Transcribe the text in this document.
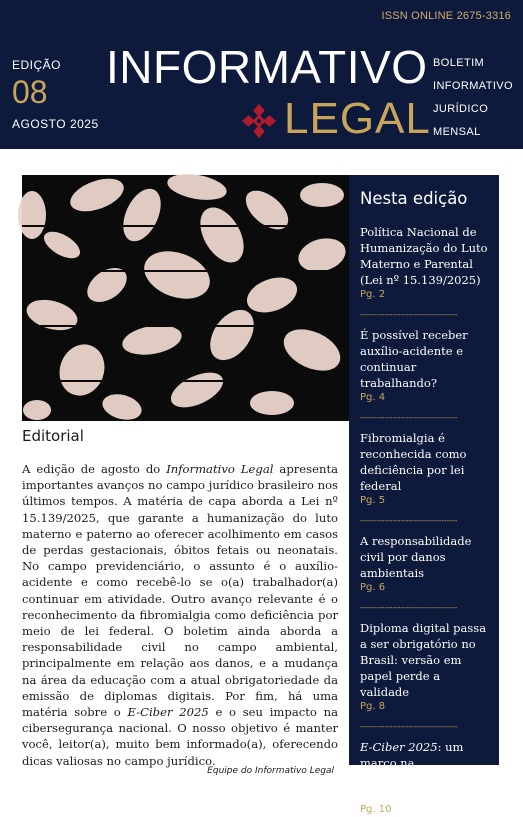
ISSN ONLINE 2675-3316
EDIÇÃO
08
AGOSTO 2025
INFORMATIVO
LEGAL
BOLETIM
INFORMATIVO
JURÍDICO
MENSAL
Editorial
A edição de agosto do Informativo Legal apresenta importantes avanços no campo jurídico brasileiro nos últimos tempos. A matéria de capa aborda a Lei nº 15.139/2025, que garante a humanização do luto materno e paterno ao oferecer acolhimento em casos de perdas gestacionais, óbitos fetais ou neonatais. No campo previdenciário, o assunto é o auxílio-acidente e como recebê-lo se o(a) trabalhador(a) continuar em atividade. Outro avanço relevante é o reconhecimento da fibromialgia como deficiência por meio de lei federal. O boletim ainda aborda a responsabilidade civil no campo ambiental, principalmente em relação aos danos, e a mudança na área da educação com a atual obrigatoriedade da emissão de diplomas digitais. Por fim, há uma matéria sobre o E-Ciber 2025 e o seu impacto na cibersegurança nacional. O nosso objetivo é manter você, leitor(a), muito bem informado(a), oferecendo dicas valiosas no campo jurídico.
Equipe do Informativo Legal
Nesta edição
Política Nacional de Humanização do Luto Materno e Parental (Lei nº 15.139/2025)
Pg. 2
------------------------------------
É possível receber auxílio-acidente e continuar trabalhando?
Pg. 4
------------------------------------
Fibromialgia é reconhecida como deficiência por lei federal
Pg. 5
------------------------------------
A responsabilidade civil por danos ambientais
Pg. 6
------------------------------------
Diploma digital passa a ser obrigatório no Brasil: versão em papel perde a validade
Pg. 8
------------------------------------
E-Ciber 2025: um marco na cibersegurança nacional
Pg. 10
